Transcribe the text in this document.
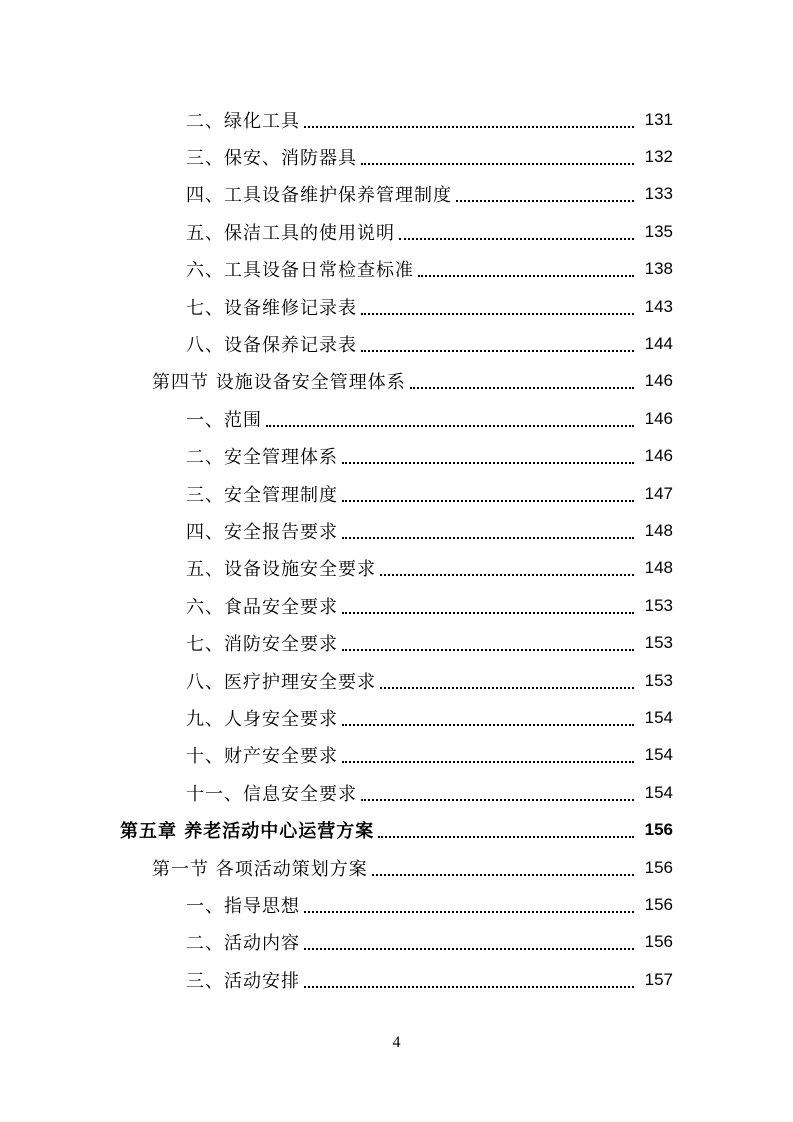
二、绿化工具	131
三、保安、消防器具	132
四、工具设备维护保养管理制度	133
五、保洁工具的使用说明	135
六、工具设备日常检查标准	138
七、设备维修记录表	143
八、设备保养记录表	144
第四节 设施设备安全管理体系	146
一、范围	146
二、安全管理体系	146
三、安全管理制度	147
四、安全报告要求	148
五、设备设施安全要求	148
六、食品安全要求	153
七、消防安全要求	153
八、医疗护理安全要求	153
九、人身安全要求	154
十、财产安全要求	154
十一、信息安全要求	154
第五章 养老活动中心运营方案	156
第一节 各项活动策划方案	156
一、指导思想	156
二、活动内容	156
三、活动安排	157
4
